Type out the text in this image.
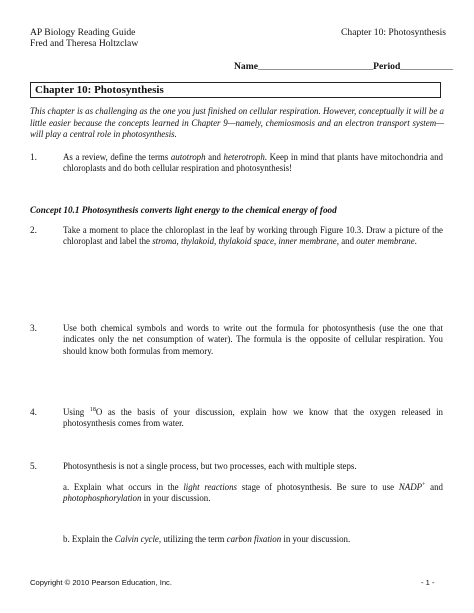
AP Biology Reading Guide
Fred and Theresa Holtzclaw
Chapter 10: Photosynthesis
Name________________________Period___________
Chapter 10: Photosynthesis
This chapter is as challenging as the one you just finished on cellular respiration. However, conceptually it will be a little easier because the concepts learned in Chapter 9—namely, chemiosmosis and an electron transport system—will play a central role in photosynthesis.
1.	As a review, define the terms autotroph and heterotroph. Keep in mind that plants have mitochondria and chloroplasts and do both cellular respiration and photosynthesis!
Concept 10.1 Photosynthesis converts light energy to the chemical energy of food
2.	Take a moment to place the chloroplast in the leaf by working through Figure 10.3. Draw a picture of the chloroplast and label the stroma, thylakoid, thylakoid space, inner membrane, and outer membrane.
3.	Use both chemical symbols and words to write out the formula for photosynthesis (use the one that indicates only the net consumption of water). The formula is the opposite of cellular respiration. You should know both formulas from memory.
4.	Using $^{18}$O as the basis of your discussion, explain how we know that the oxygen released in photosynthesis comes from water.
5.	Photosynthesis is not a single process, but two processes, each with multiple steps.
a. Explain what occurs in the light reactions stage of photosynthesis. Be sure to use NADP+ and photophosphorylation in your discussion.
b. Explain the Calvin cycle, utilizing the term carbon fixation in your discussion.
Copyright © 2010 Pearson Education, Inc.	- 1 -
